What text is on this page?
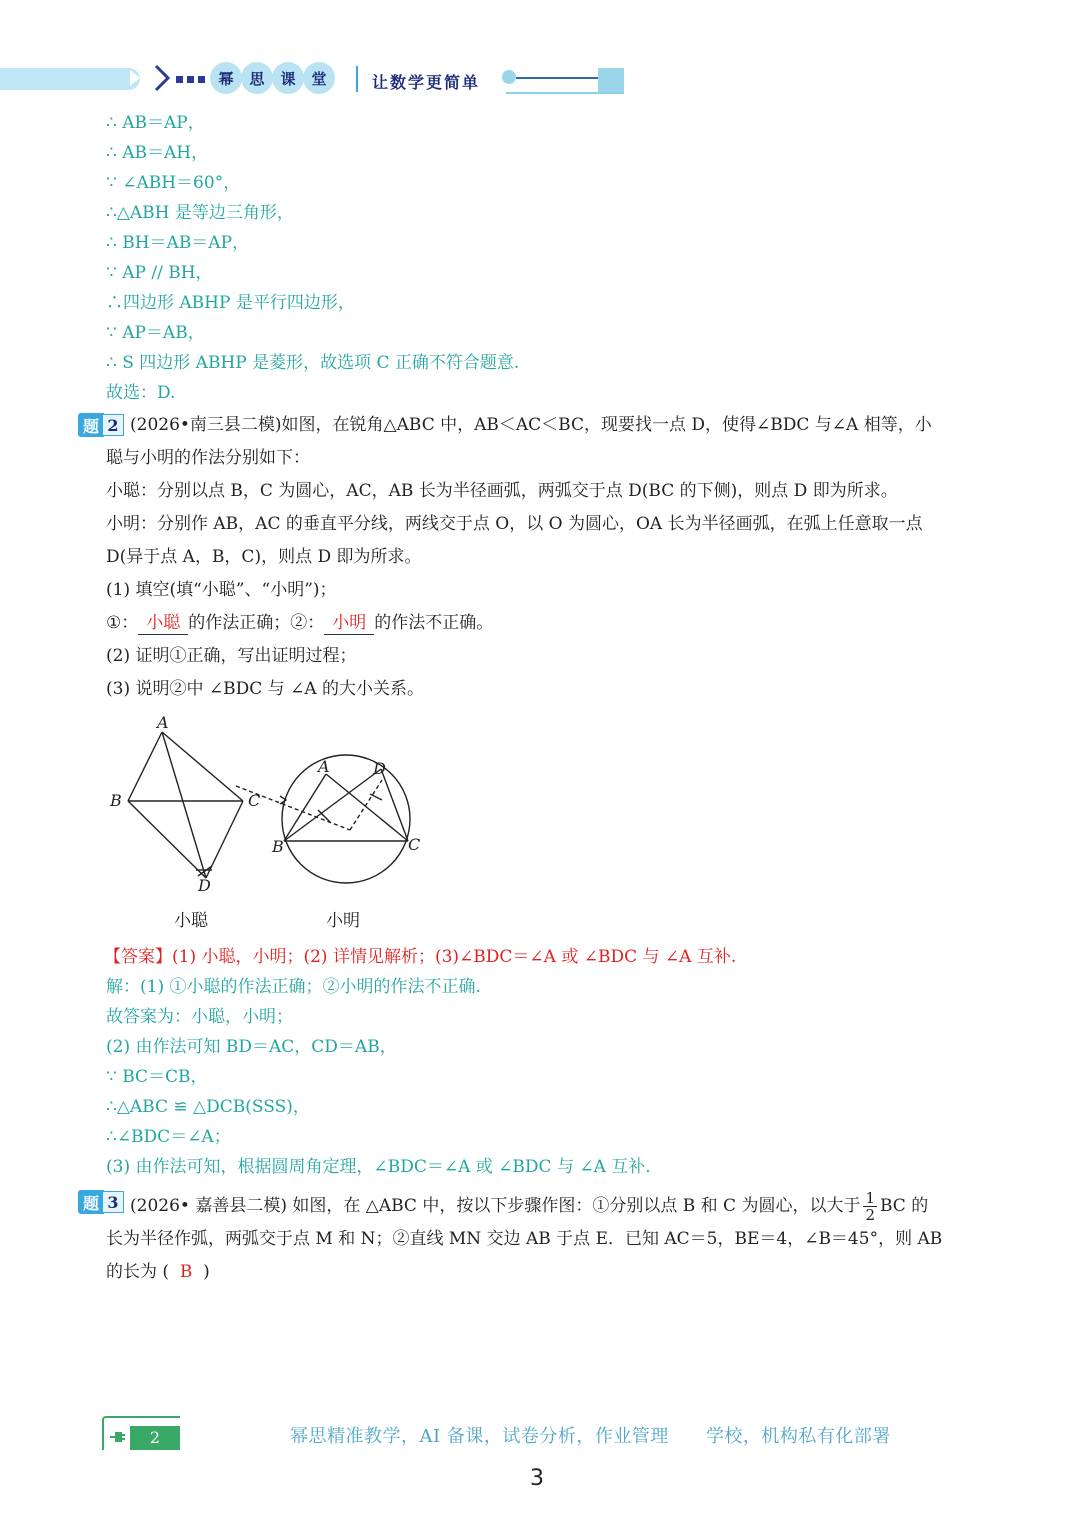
幂	思	课	堂	让数学更简单
∴ AB＝AP，
∴ AB＝AH，
∵ ∠ABH＝60°，
∴△ABH 是等边三角形，
∴ BH＝AB＝AP，
∵ AP // BH，
∴四边形 ABHP 是平行四边形，
∵ AP＝AB，
∴ S 四边形 ABHP 是菱形，故选项 C 正确不符合题意.
故选：D.
题 2 (2026•南三县二模)如图，在锐角△ABC 中，AB＜AC＜BC，现要找一点 D，使得∠BDC 与∠A 相等，小
聪与小明的作法分别如下：
小聪：分别以点 B，C 为圆心，AC，AB 长为半径画弧，两弧交于点 D(BC 的下侧)，则点 D 即为所求。
小明：分别作 AB，AC 的垂直平分线，两线交于点 O，以 O 为圆心，OA 长为半径画弧，在弧上任意取一点
D(异于点 A，B，C)，则点 D 即为所求。
(1) 填空(填“小聪”、“小明”)；
①： 小聪 的作法正确；②： 小明 的作法不正确。
(2) 证明①正确，写出证明过程；
(3) 说明②中 ∠BDC 与 ∠A 的大小关系。
A
B	C
D
A	D
B	C
小聪	小明
【答案】(1) 小聪，小明；(2) 详情见解析；(3)∠BDC＝∠A 或 ∠BDC 与 ∠A 互补.
解：(1) ①小聪的作法正确；②小明的作法不正确.
故答案为：小聪，小明；
(2) 由作法可知 BD＝AC，CD＝AB，
∵ BC＝CB，
∴△ABC ≌ △DCB(SSS)，
∴∠BDC＝∠A；
(3) 由作法可知，根据圆周角定理，∠BDC＝∠A 或 ∠BDC 与 ∠A 互补.
题 3 (2026• 嘉善县二模) 如图，在 △ABC 中，按以下步骤作图：①分别以点 B 和 C 为圆心，以大于 $\frac{1}{2}$ BC 的
长为半径作弧，两弧交于点 M 和 N；②直线 MN 交边 AB 于点 E．已知 AC＝5，BE＝4，∠B＝45°，则 AB
的长为 ( B )
2	幂思精准教学，AI 备课，试卷分析，作业管理　　学校，机构私有化部署
3
